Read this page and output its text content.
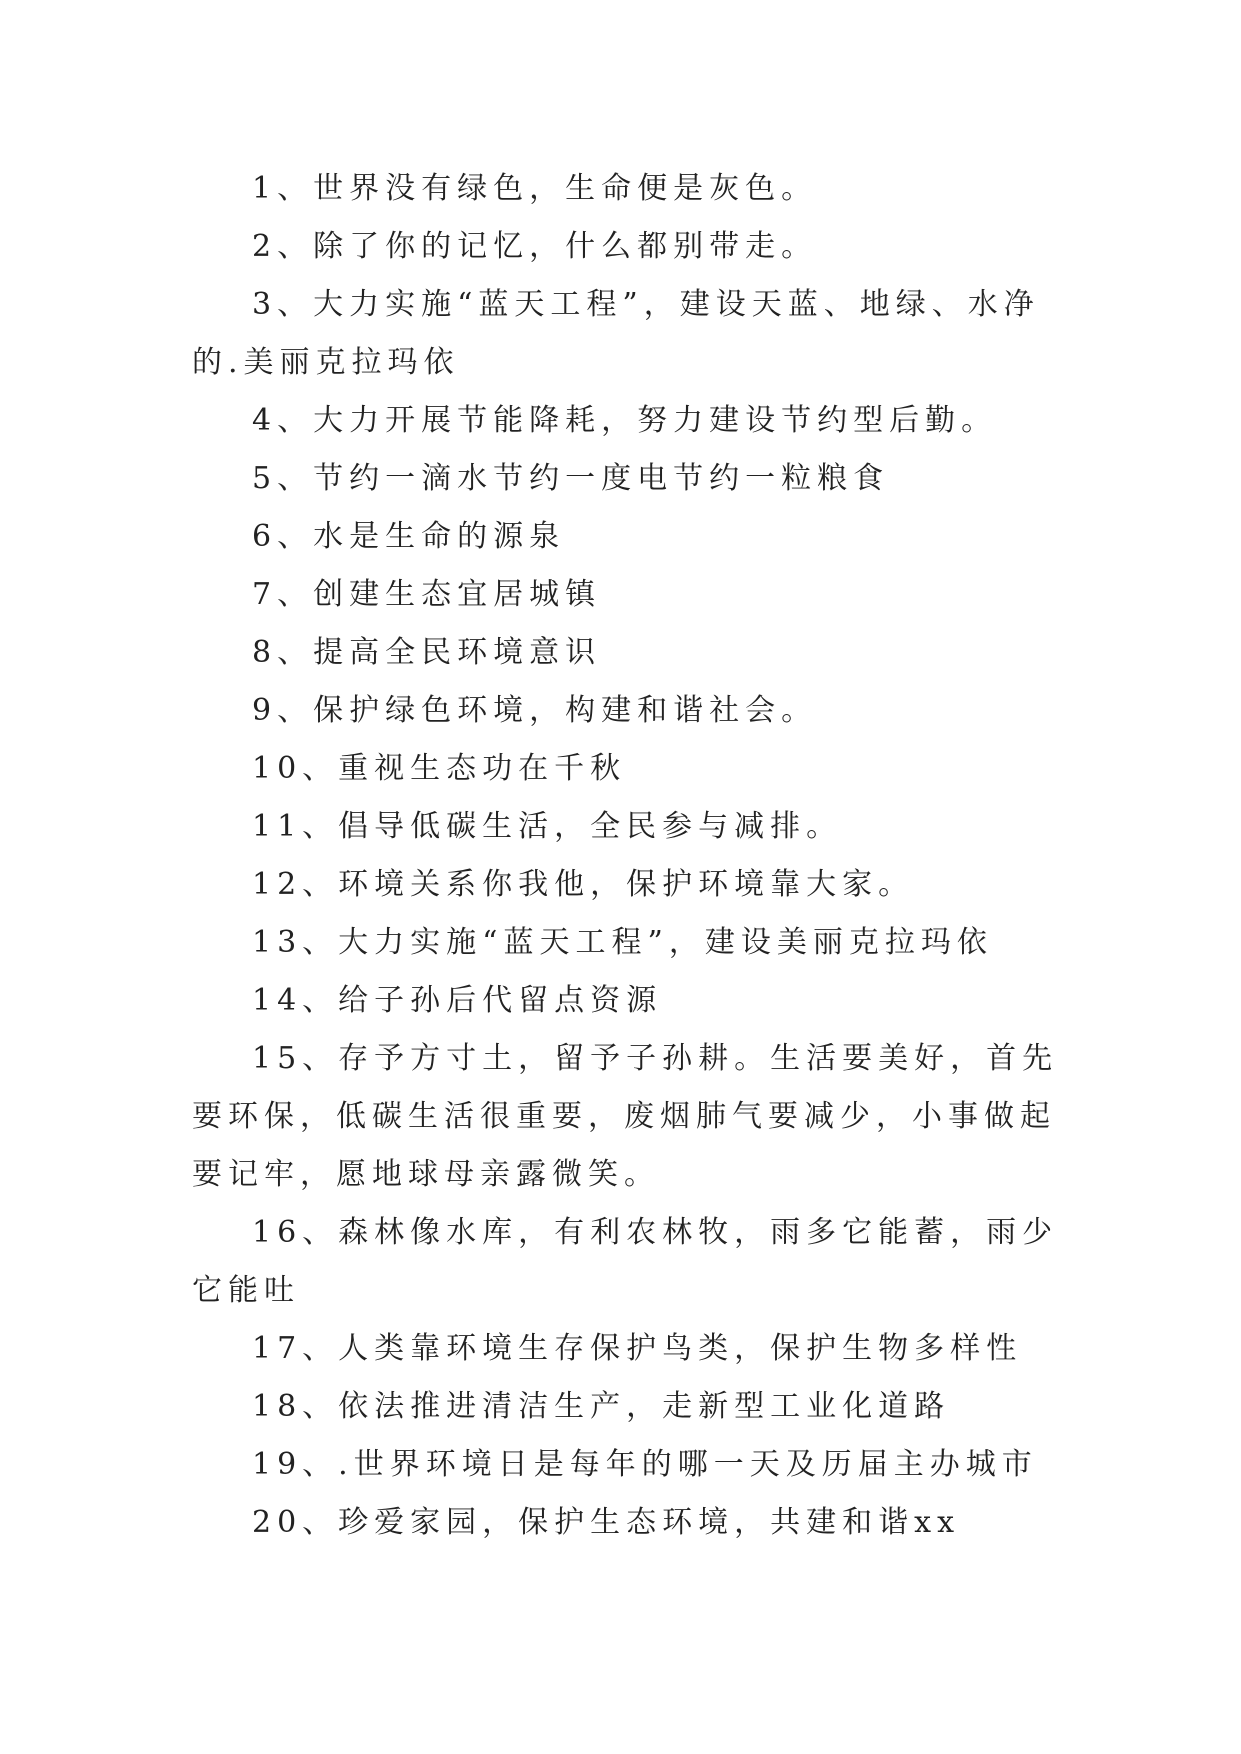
1、世界没有绿色，生命便是灰色。

2、除了你的记忆，什么都别带走。

3、大力实施“蓝天工程”，建设天蓝、地绿、水净的.美丽克拉玛依

4、大力开展节能降耗，努力建设节约型后勤。

5、节约一滴水节约一度电节约一粒粮食

6、水是生命的源泉

7、创建生态宜居城镇

8、提高全民环境意识

9、保护绿色环境，构建和谐社会。

10、重视生态功在千秋

11、倡导低碳生活，全民参与减排。

12、环境关系你我他，保护环境靠大家。

13、大力实施“蓝天工程”，建设美丽克拉玛依

14、给子孙后代留点资源

15、存予方寸土，留予子孙耕。生活要美好，首先要环保，低碳生活很重要，废烟肺气要减少，小事做起要记牢，愿地球母亲露微笑。

16、森林像水库，有利农林牧，雨多它能蓄，雨少它能吐

17、人类靠环境生存保护鸟类，保护生物多样性

18、依法推进清洁生产，走新型工业化道路

19、.世界环境日是每年的哪一天及历届主办城市

20、珍爱家园，保护生态环境，共建和谐xx
